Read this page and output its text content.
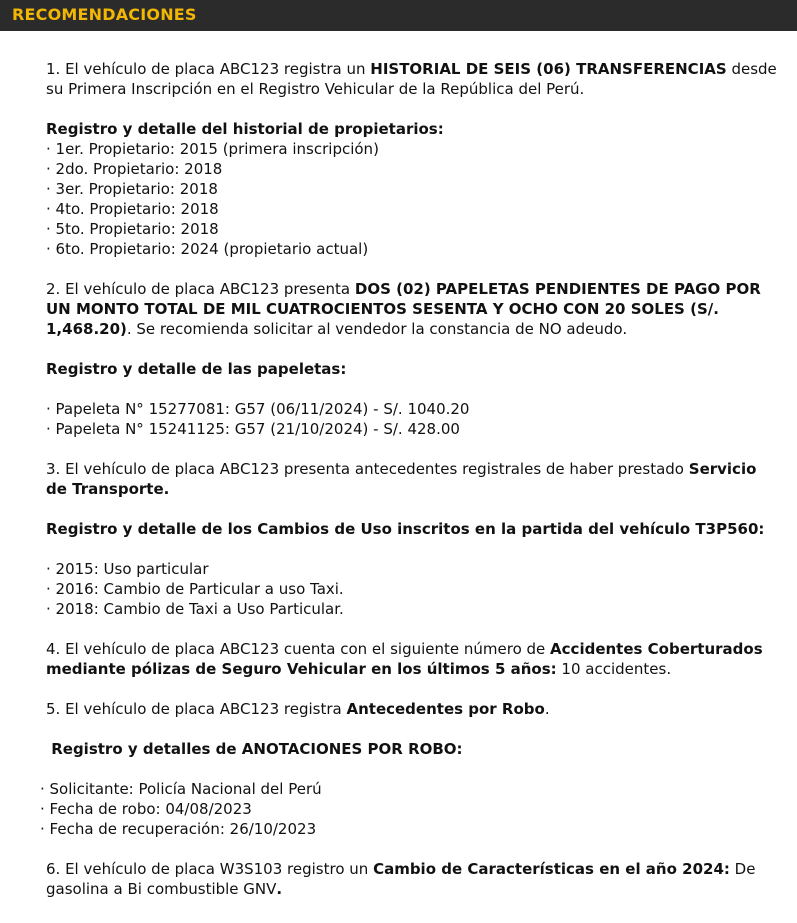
RECOMENDACIONES

1. El vehículo de placa ABC123 registra un HISTORIAL DE SEIS (06) TRANSFERENCIAS desde su Primera Inscripción en el Registro Vehicular de la República del Perú.

Registro y detalle del historial de propietarios:

· 1er. Propietario: 2015 (primera inscripción)

· 2do. Propietario: 2018

· 3er. Propietario: 2018

· 4to. Propietario: 2018

· 5to. Propietario: 2018

· 6to. Propietario: 2024 (propietario actual)

2. El vehículo de placa ABC123 presenta DOS (02) PAPELETAS PENDIENTES DE PAGO POR UN MONTO TOTAL DE MIL CUATROCIENTOS SESENTA Y OCHO CON 20 SOLES (S/. 1,468.20). Se recomienda solicitar al vendedor la constancia de NO adeudo.

Registro y detalle de las papeletas:

· Papeleta N° 15277081: G57 (06/11/2024) - S/. 1040.20

· Papeleta N° 15241125: G57 (21/10/2024) - S/. 428.00

3. El vehículo de placa ABC123 presenta antecedentes registrales de haber prestado Servicio de Transporte.

Registro y detalle de los Cambios de Uso inscritos en la partida del vehículo T3P560:

· 2015: Uso particular

· 2016: Cambio de Particular a uso Taxi.

· 2018: Cambio de Taxi a Uso Particular.

4. El vehículo de placa ABC123 cuenta con el siguiente número de Accidentes Coberturados mediante pólizas de Seguro Vehicular en los últimos 5 años: 10 accidentes.

5. El vehículo de placa ABC123 registra Antecedentes por Robo.

Registro y detalles de ANOTACIONES POR ROBO:

· Solicitante: Policía Nacional del Perú

· Fecha de robo: 04/08/2023

· Fecha de recuperación: 26/10/2023

6. El vehículo de placa W3S103 registro un Cambio de Características en el año 2024: De gasolina a Bi combustible GNV.
